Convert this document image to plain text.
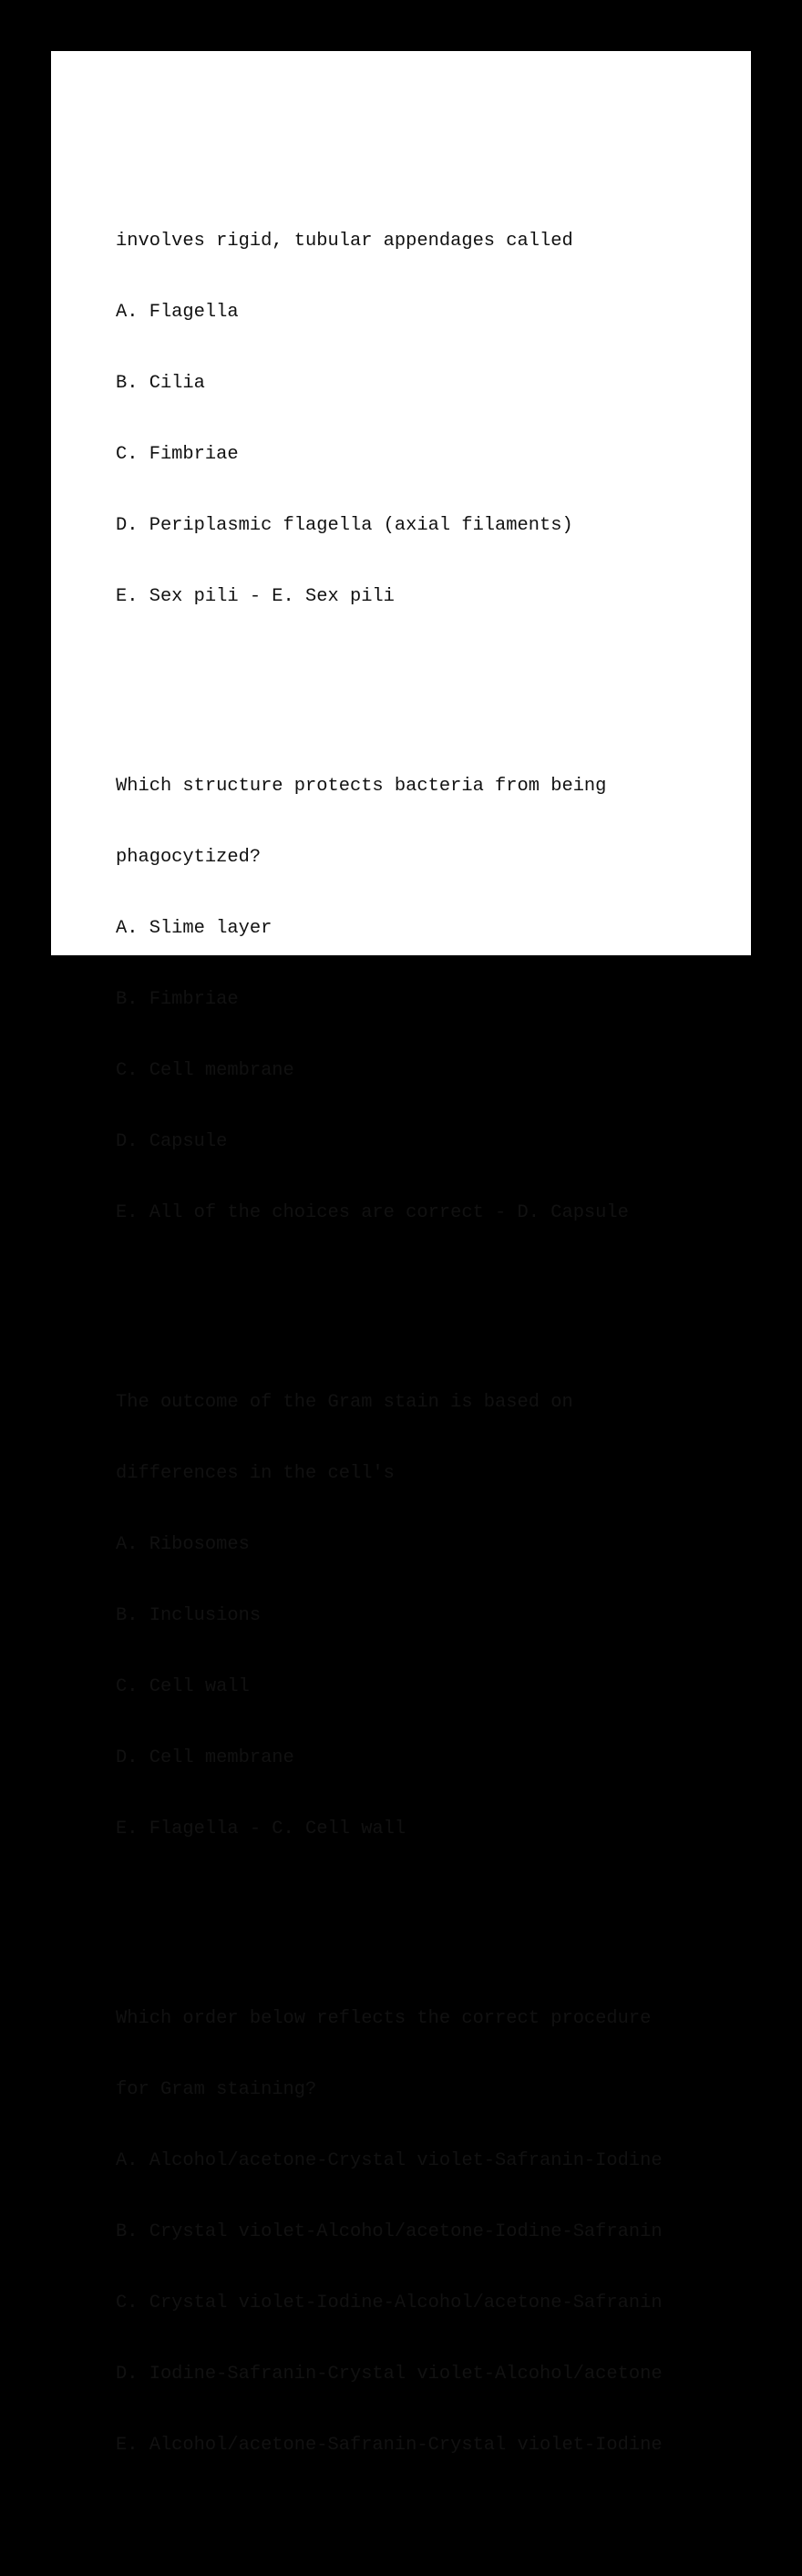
involves rigid, tubular appendages called

A. Flagella

B. Cilia

C. Fimbriae

D. Periplasmic flagella (axial filaments)

E. Sex pili - E. Sex pili

Which structure protects bacteria from being

phagocytized?

A. Slime layer

B. Fimbriae

C. Cell membrane

D. Capsule

E. All of the choices are correct - D. Capsule

The outcome of the Gram stain is based on

differences in the cell's

A. Ribosomes

B. Inclusions

C. Cell wall

D. Cell membrane

E. Flagella - C. Cell wall

Which order below reflects the correct procedure

for Gram staining?

A. Alcohol/acetone-Crystal violet-Safranin-Iodine

B. Crystal violet-Alcohol/acetone-Iodine-Safranin

C. Crystal violet-Iodine-Alcohol/acetone-Safranin

D. Iodine-Safranin-Crystal violet-Alcohol/acetone

E. Alcohol/acetone-Safranin-Crystal violet-Iodine
